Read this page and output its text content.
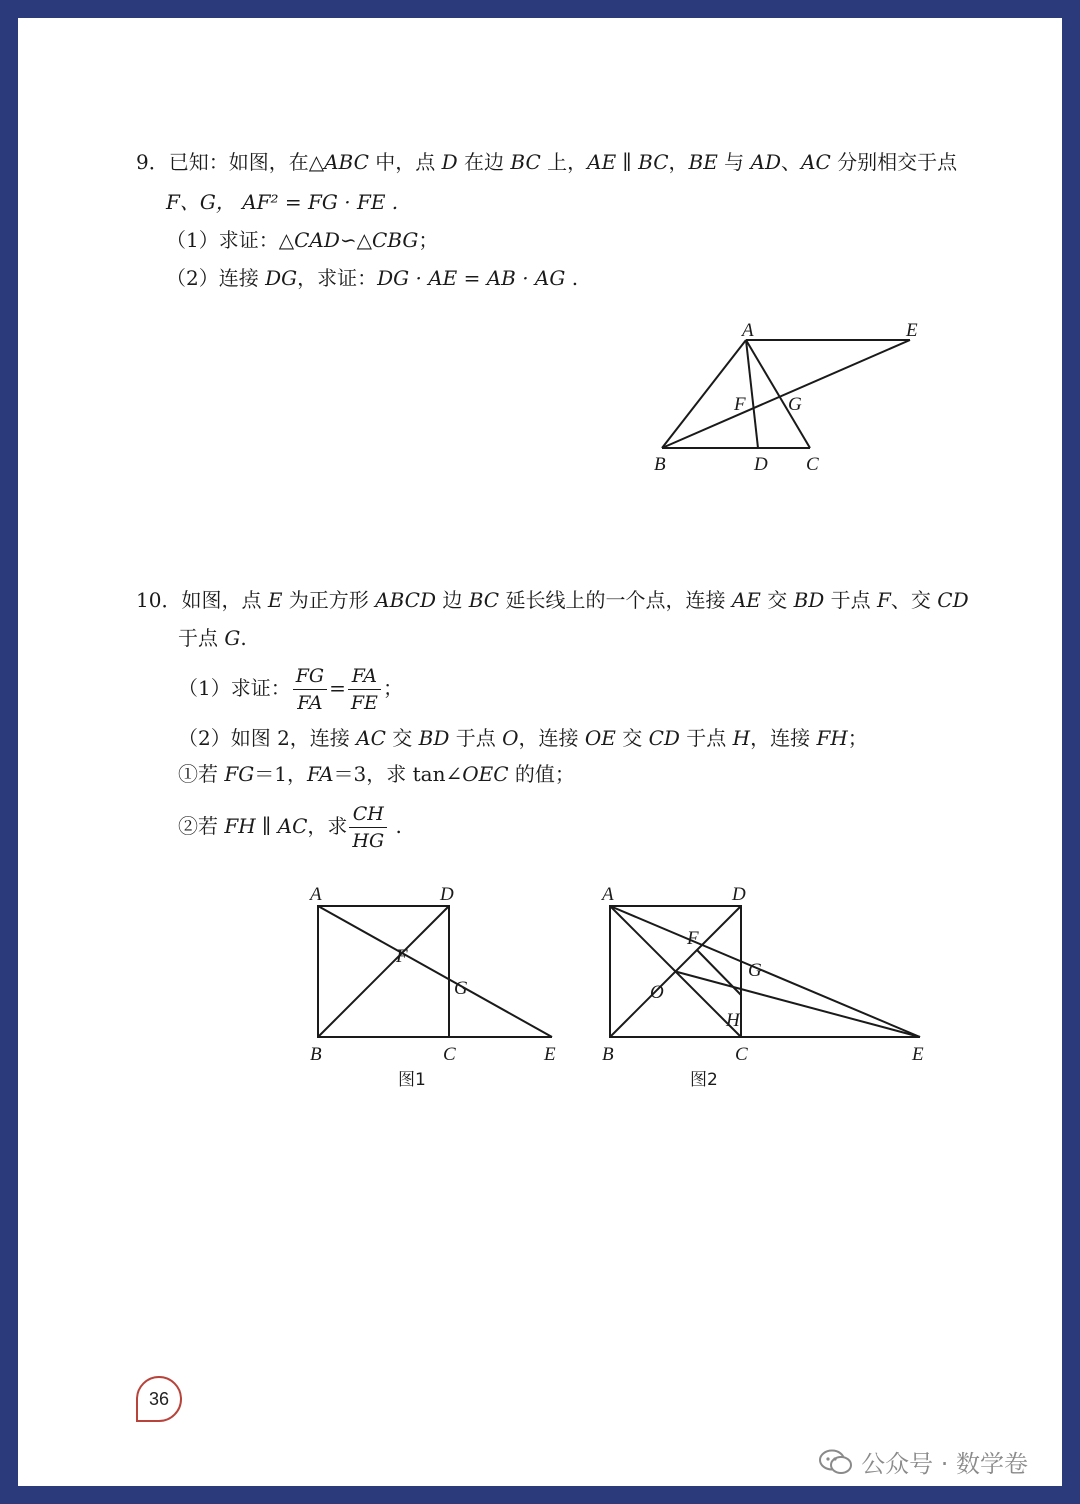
9．已知：如图，在△ABC 中，点 D 在边 BC 上，AE ∥ BC，BE 与 AD、AC 分别相交于点
F、G， AF² = FG · FE .
（1）求证：△CAD∽△CBG；
（2）连接 DG，求证：DG · AE = AB · AG .
A	E
F G
B	D C
10．如图，点 E 为正方形 ABCD 边 BC 延长线上的一个点，连接 AE 交 BD 于点 F、交 CD
于点 G.
（1）求证： $\frac{FG}{FA} = \frac{FA}{FE}$ ；
（2）如图 2，连接 AC 交 BD 于点 O，连接 OE 交 CD 于点 H，连接 FH；
①若 FG＝1，FA＝3，求 tan∠OEC 的值；
②若 FH ∥ AC，求 $\frac{CH}{HG}$ .
A	D
F
G
B	C	E
图1
A	D
F
G
O
H
B	C	E
图2
36
公众号 · 数学卷
